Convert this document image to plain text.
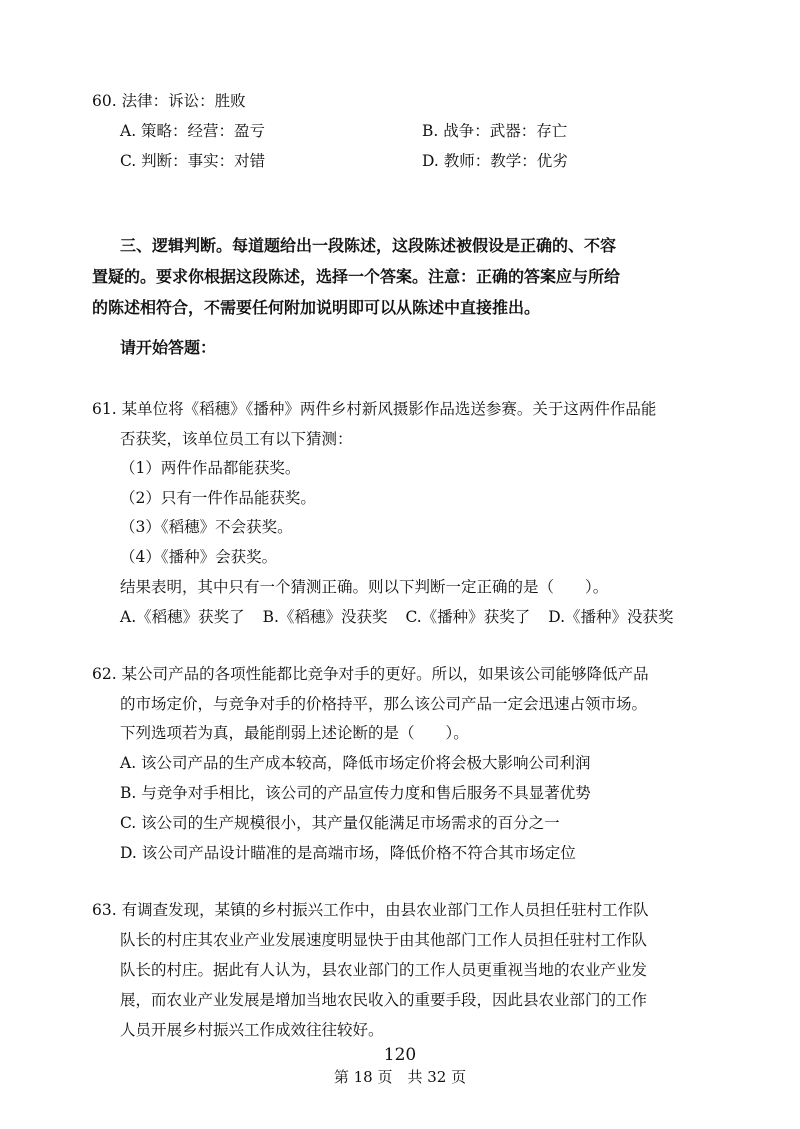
60. 法律：诉讼：胜败
A. 策略：经营：盈亏	B. 战争：武器：存亡
C. 判断：事实：对错	D. 教师：教学：优劣
三、逻辑判断。每道题给出一段陈述，这段陈述被假设是正确的、不容
置疑的。要求你根据这段陈述，选择一个答案。注意：正确的答案应与所给
的陈述相符合，不需要任何附加说明即可以从陈述中直接推出。
请开始答题：
61. 某单位将《稻穗》《播种》两件乡村新风摄影作品选送参赛。关于这两件作品能
否获奖，该单位员工有以下猜测：
（1）两件作品都能获奖。
（2）只有一件作品能获奖。
（3）《稻穗》不会获奖。
（4）《播种》会获奖。
结果表明，其中只有一个猜测正确。则以下判断一定正确的是（　　）。
A.《稻穗》获奖了 B.《稻穗》没获奖 C.《播种》获奖了 D.《播种》没获奖
62. 某公司产品的各项性能都比竞争对手的更好。所以，如果该公司能够降低产品
的市场定价，与竞争对手的价格持平，那么该公司产品一定会迅速占领市场。
下列选项若为真，最能削弱上述论断的是（　　）。
A. 该公司产品的生产成本较高，降低市场定价将会极大影响公司利润
B. 与竞争对手相比，该公司的产品宣传力度和售后服务不具显著优势
C. 该公司的生产规模很小，其产量仅能满足市场需求的百分之一
D. 该公司产品设计瞄准的是高端市场，降低价格不符合其市场定位
63. 有调查发现，某镇的乡村振兴工作中，由县农业部门工作人员担任驻村工作队
队长的村庄其农业产业发展速度明显快于由其他部门工作人员担任驻村工作队
队长的村庄。据此有人认为，县农业部门的工作人员更重视当地的农业产业发
展，而农业产业发展是增加当地农民收入的重要手段，因此县农业部门的工作
人员开展乡村振兴工作成效往往较好。
120
第 18 页　共 32 页
